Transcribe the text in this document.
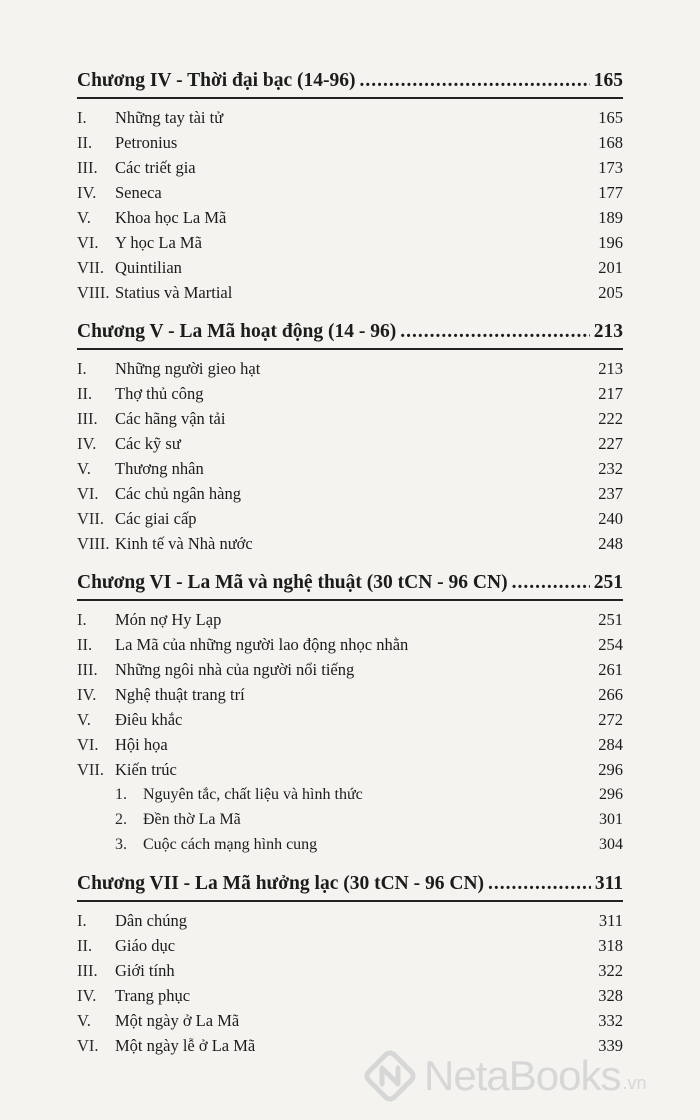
Chương IV - Thời đại bạc (14-96) .....	165
I.	Những tay tài tử	165
II.	Petronius	168
III.	Các triết gia	173
IV.	Seneca	177
V.	Khoa học La Mã	189
VI. Y học La Mã	196
VII. Quintilian	201
VIII. Statius và Martial	205
Chương V - La Mã hoạt động (14 - 96) .....	213
I.	Những người gieo hạt	213
II.	Thợ thủ công	217
III.	Các hãng vận tải	222
IV.	Các kỹ sư	227
V.	Thương nhân	232
VI. Các chủ ngân hàng	237
VII. Các giai cấp	240
VIII. Kinh tế và Nhà nước	248
Chương VI - La Mã và nghệ thuật (30 tCN - 96 CN) .....	251
I.	Món nợ Hy Lạp	251
II.	La Mã của những người lao động nhọc nhằn	254
III.	Những ngôi nhà của người nổi tiếng	261
IV.	Nghệ thuật trang trí	266
V.	Điêu khắc	272
VI. Hội họa	284
VII. Kiến trúc	296
1.	Nguyên tắc, chất liệu và hình thức	296
2.	Đền thờ La Mã	301
3.	Cuộc cách mạng hình cung	304
Chương VII - La Mã hưởng lạc (30 tCN - 96 CN) .....	311
I.	Dân chúng	311
II.	Giáo dục	318
III.	Giới tính	322
IV.	Trang phục	328
V.	Một ngày ở La Mã	332
VI. Một ngày lễ ở La Mã	339
NetaBooks .vn
